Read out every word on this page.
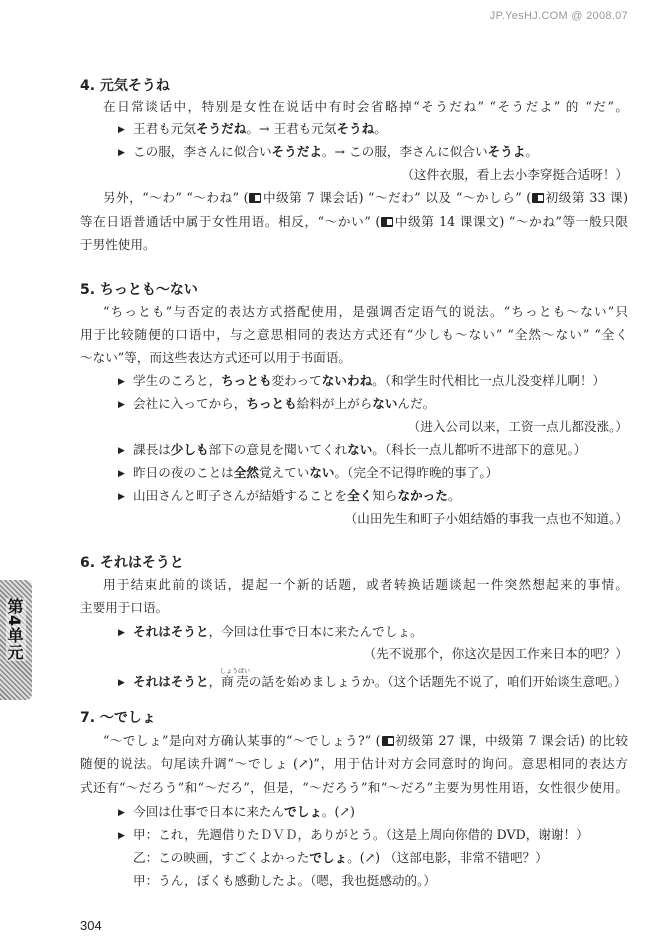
JP.YesHJ.COM @ 2008.07
第4单元
304
4. 元気そうね
在日常谈话中，特别是女性在说话中有时会省略掉“そうだね” “そうだよ” 的 “だ”。
▶ 王君も元気そうだね。→ 王君も元気そうね。
▶ この服，李さんに似合いそうだよ。→ この服，李さんに似合いそうよ。
（这件衣服，看上去小李穿挺合适呀！）
另外，“～わ” “～わね” ( 中级第 7 课会话) “～だわ” 以及 “～かしら” ( 初级第 33 课)
等在日语普通话中属于女性用语。相反，“～かい” ( 中级第 14 课课文) “～かね”等一般只限
于男性使用。
5. ちっとも～ない
“ちっとも”与否定的表达方式搭配使用，是强调否定语气的说法。“ちっとも～ない”只
用于比较随便的口语中，与之意思相同的表达方式还有“少しも～ない” “全然～ない” “全く
～ない”等，而这些表达方式还可以用于书面语。
▶ 学生のころと，ちっとも変わってないわね。（和学生时代相比一点儿没变样儿啊！）
▶ 会社に入ってから，ちっとも給料が上がらないんだ。
（进入公司以来，工资一点儿都没涨。）
▶ 課長は少しも部下の意見を聞いてくれない。（科长一点儿都听不进部下的意见。）
▶ 昨日の夜のことは全然覚えていない。（完全不记得昨晚的事了。）
▶ 山田さんと町子さんが結婚することを全く知らなかった。
（山田先生和町子小姐结婚的事我一点也不知道。）
6. それはそうと
用于结束此前的谈话，提起一个新的话题，或者转换话题谈起一件突然想起来的事情。
主要用于口语。
▶ それはそうと，今回は仕事で日本に来たんでしょ。
（先不说那个，你这次是因工作来日本的吧？）
▶ それはそうと，商売しょうばいの話を始めましょうか。（这个话题先不说了，咱们开始谈生意吧。）
7. ～でしょ
“～でしょ”是向对方确认某事的“～でしょう?” ( 初级第 27 课，中级第 7 课会话) 的比较
随便的说法。句尾读升调“～でしょ (↗)”，用于估计对方会同意时的询问。意思相同的表达方
式还有“～だろう”和“～だろ”，但是，“～だろう”和“～だろ”主要为男性用语，女性很少使用。
▶ 今回は仕事で日本に来たんでしょ。(↗)
▶ 甲：これ，先週借りたＤＶＤ，ありがとう。（这是上周向你借的 DVD，谢谢！）
乙：この映画，すごくよかったでしょ。(↗) （这部电影，非常不错吧？）
甲：うん，ぼくも感動したよ。（嗯，我也挺感动的。）
